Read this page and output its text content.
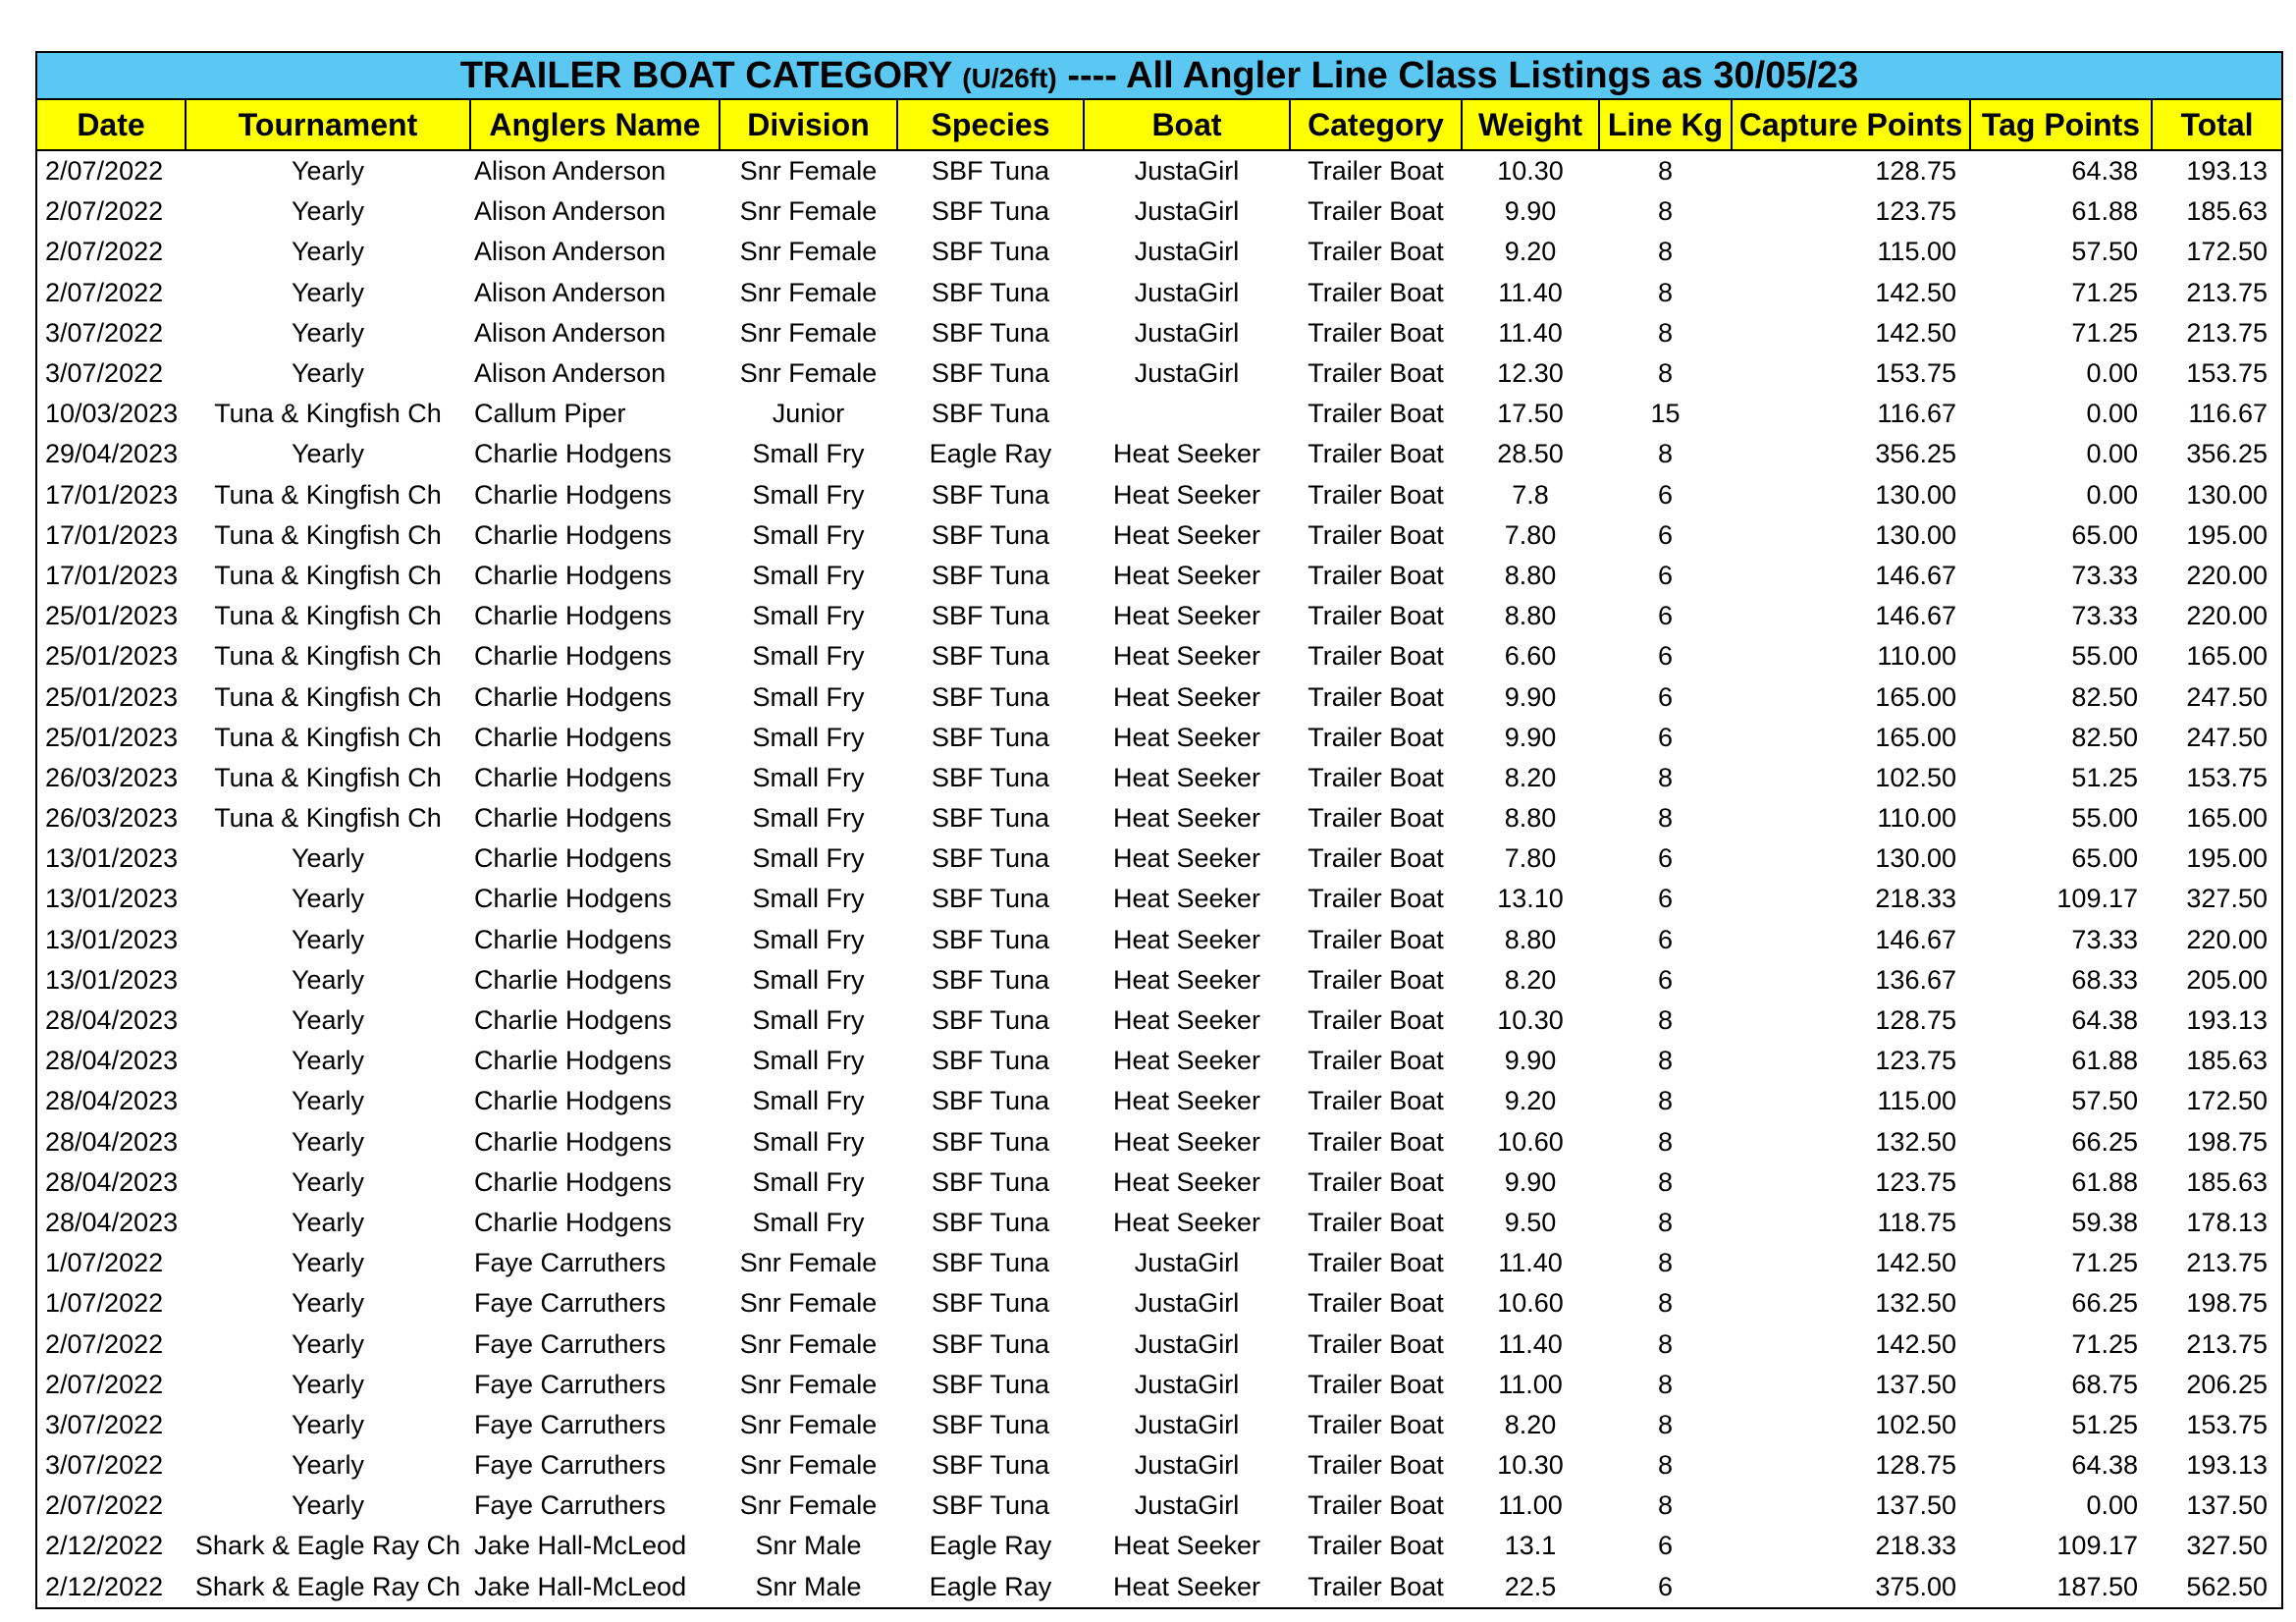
TRAILER BOAT CATEGORY (U/26ft) ---- All Angler Line Class Listings as 30/05/23
Date	Tournament	Anglers Name	Division	Species	Boat	Category	Weight	Line Kg	Capture Points	Tag Points	Total
2/07/2022	Yearly	Alison Anderson	Snr Female	SBF Tuna	JustaGirl	Trailer Boat	10.30	8	128.75	64.38	193.13
2/07/2022	Yearly	Alison Anderson	Snr Female	SBF Tuna	JustaGirl	Trailer Boat	9.90	8	123.75	61.88	185.63
2/07/2022	Yearly	Alison Anderson	Snr Female	SBF Tuna	JustaGirl	Trailer Boat	9.20	8	115.00	57.50	172.50
2/07/2022	Yearly	Alison Anderson	Snr Female	SBF Tuna	JustaGirl	Trailer Boat	11.40	8	142.50	71.25	213.75
3/07/2022	Yearly	Alison Anderson	Snr Female	SBF Tuna	JustaGirl	Trailer Boat	11.40	8	142.50	71.25	213.75
3/07/2022	Yearly	Alison Anderson	Snr Female	SBF Tuna	JustaGirl	Trailer Boat	12.30	8	153.75	0.00	153.75
10/03/2023	Tuna & Kingfish Ch	Callum Piper	Junior	SBF Tuna		Trailer Boat	17.50	15	116.67	0.00	116.67
29/04/2023	Yearly	Charlie Hodgens	Small Fry	Eagle Ray	Heat Seeker	Trailer Boat	28.50	8	356.25	0.00	356.25
17/01/2023	Tuna & Kingfish Ch	Charlie Hodgens	Small Fry	SBF Tuna	Heat Seeker	Trailer Boat	7.8	6	130.00	0.00	130.00
17/01/2023	Tuna & Kingfish Ch	Charlie Hodgens	Small Fry	SBF Tuna	Heat Seeker	Trailer Boat	7.80	6	130.00	65.00	195.00
17/01/2023	Tuna & Kingfish Ch	Charlie Hodgens	Small Fry	SBF Tuna	Heat Seeker	Trailer Boat	8.80	6	146.67	73.33	220.00
25/01/2023	Tuna & Kingfish Ch	Charlie Hodgens	Small Fry	SBF Tuna	Heat Seeker	Trailer Boat	8.80	6	146.67	73.33	220.00
25/01/2023	Tuna & Kingfish Ch	Charlie Hodgens	Small Fry	SBF Tuna	Heat Seeker	Trailer Boat	6.60	6	110.00	55.00	165.00
25/01/2023	Tuna & Kingfish Ch	Charlie Hodgens	Small Fry	SBF Tuna	Heat Seeker	Trailer Boat	9.90	6	165.00	82.50	247.50
25/01/2023	Tuna & Kingfish Ch	Charlie Hodgens	Small Fry	SBF Tuna	Heat Seeker	Trailer Boat	9.90	6	165.00	82.50	247.50
26/03/2023	Tuna & Kingfish Ch	Charlie Hodgens	Small Fry	SBF Tuna	Heat Seeker	Trailer Boat	8.20	8	102.50	51.25	153.75
26/03/2023	Tuna & Kingfish Ch	Charlie Hodgens	Small Fry	SBF Tuna	Heat Seeker	Trailer Boat	8.80	8	110.00	55.00	165.00
13/01/2023	Yearly	Charlie Hodgens	Small Fry	SBF Tuna	Heat Seeker	Trailer Boat	7.80	6	130.00	65.00	195.00
13/01/2023	Yearly	Charlie Hodgens	Small Fry	SBF Tuna	Heat Seeker	Trailer Boat	13.10	6	218.33	109.17	327.50
13/01/2023	Yearly	Charlie Hodgens	Small Fry	SBF Tuna	Heat Seeker	Trailer Boat	8.80	6	146.67	73.33	220.00
13/01/2023	Yearly	Charlie Hodgens	Small Fry	SBF Tuna	Heat Seeker	Trailer Boat	8.20	6	136.67	68.33	205.00
28/04/2023	Yearly	Charlie Hodgens	Small Fry	SBF Tuna	Heat Seeker	Trailer Boat	10.30	8	128.75	64.38	193.13
28/04/2023	Yearly	Charlie Hodgens	Small Fry	SBF Tuna	Heat Seeker	Trailer Boat	9.90	8	123.75	61.88	185.63
28/04/2023	Yearly	Charlie Hodgens	Small Fry	SBF Tuna	Heat Seeker	Trailer Boat	9.20	8	115.00	57.50	172.50
28/04/2023	Yearly	Charlie Hodgens	Small Fry	SBF Tuna	Heat Seeker	Trailer Boat	10.60	8	132.50	66.25	198.75
28/04/2023	Yearly	Charlie Hodgens	Small Fry	SBF Tuna	Heat Seeker	Trailer Boat	9.90	8	123.75	61.88	185.63
28/04/2023	Yearly	Charlie Hodgens	Small Fry	SBF Tuna	Heat Seeker	Trailer Boat	9.50	8	118.75	59.38	178.13
1/07/2022	Yearly	Faye Carruthers	Snr Female	SBF Tuna	JustaGirl	Trailer Boat	11.40	8	142.50	71.25	213.75
1/07/2022	Yearly	Faye Carruthers	Snr Female	SBF Tuna	JustaGirl	Trailer Boat	10.60	8	132.50	66.25	198.75
2/07/2022	Yearly	Faye Carruthers	Snr Female	SBF Tuna	JustaGirl	Trailer Boat	11.40	8	142.50	71.25	213.75
2/07/2022	Yearly	Faye Carruthers	Snr Female	SBF Tuna	JustaGirl	Trailer Boat	11.00	8	137.50	68.75	206.25
3/07/2022	Yearly	Faye Carruthers	Snr Female	SBF Tuna	JustaGirl	Trailer Boat	8.20	8	102.50	51.25	153.75
3/07/2022	Yearly	Faye Carruthers	Snr Female	SBF Tuna	JustaGirl	Trailer Boat	10.30	8	128.75	64.38	193.13
2/07/2022	Yearly	Faye Carruthers	Snr Female	SBF Tuna	JustaGirl	Trailer Boat	11.00	8	137.50	0.00	137.50
2/12/2022	Shark & Eagle Ray Ch	Jake Hall-McLeod	Snr Male	Eagle Ray	Heat Seeker	Trailer Boat	13.1	6	218.33	109.17	327.50
2/12/2022	Shark & Eagle Ray Ch	Jake Hall-McLeod	Snr Male	Eagle Ray	Heat Seeker	Trailer Boat	22.5	6	375.00	187.50	562.50
